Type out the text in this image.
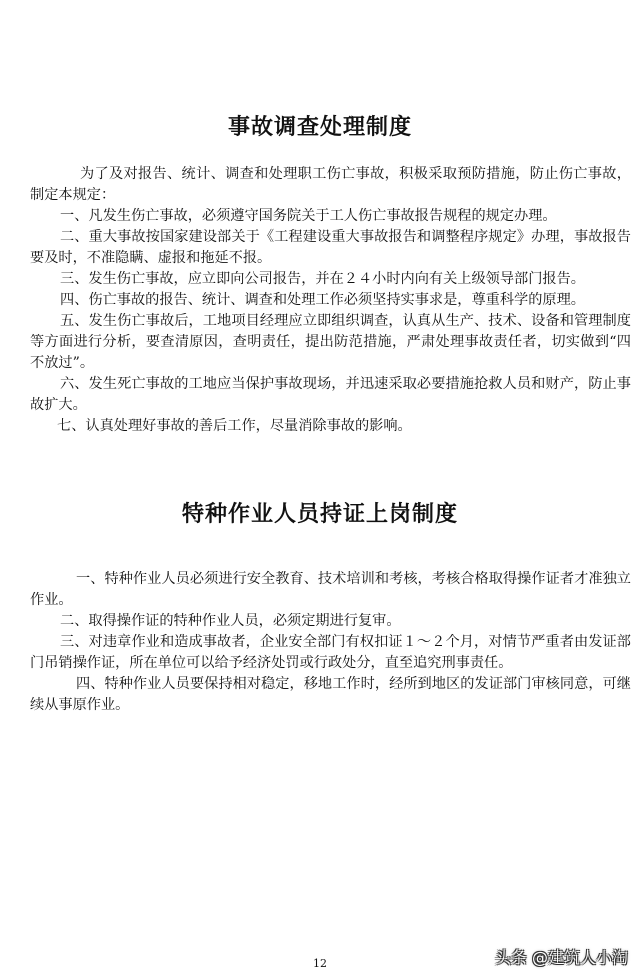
事故调查处理制度

为了及对报告、统计、调查和处理职工伤亡事故，积极采取预防措施，防止伤亡事故，制定本规定：

一、凡发生伤亡事故，必须遵守国务院关于工人伤亡事故报告规程的规定办理。

二、重大事故按国家建设部关于《工程建设重大事故报告和调整程序规定》办理，事故报告要及时，不准隐瞒、虚报和拖延不报。

三、发生伤亡事故，应立即向公司报告，并在２４小时内向有关上级领导部门报告。

四、伤亡事故的报告、统计、调查和处理工作必须坚持实事求是，尊重科学的原理。

五、发生伤亡事故后，工地项目经理应立即组织调查，认真从生产、技术、设备和管理制度等方面进行分析，要查清原因，查明责任，提出防范措施，严肃处理事故责任者，切实做到“四不放过”。

六、发生死亡事故的工地应当保护事故现场，并迅速采取必要措施抢救人员和财产，防止事故扩大。

七、认真处理好事故的善后工作，尽量消除事故的影响。

特种作业人员持证上岗制度

一、特种作业人员必须进行安全教育、技术培训和考核，考核合格取得操作证者才准独立作业。

二、取得操作证的特种作业人员，必须定期进行复审。

三、对违章作业和造成事故者，企业安全部门有权扣证１～２个月，对情节严重者由发证部门吊销操作证，所在单位可以给予经济处罚或行政处分，直至追究刑事责任。

四、特种作业人员要保持相对稳定，移地工作时，经所到地区的发证部门审核同意，可继续从事原作业。

12	头条 @建筑人小淘
